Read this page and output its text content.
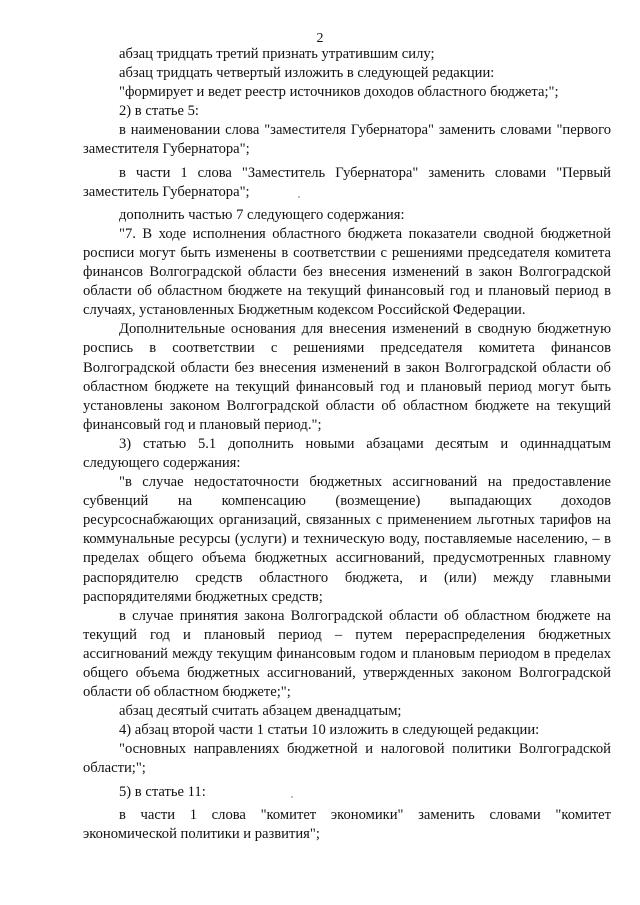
2

абзац тридцать третий признать утратившим силу;

абзац тридцать четвертый изложить в следующей редакции:

"формирует и ведет реестр источников доходов областного бюджета;";

2) в статье 5:

в наименовании слова "заместителя Губернатора" заменить словами "первого заместителя Губернатора";

в части 1 слова "Заместитель Губернатора" заменить словами "Первый заместитель Губернатора";

дополнить частью 7 следующего содержания:

"7. В ходе исполнения областного бюджета показатели сводной бюджетной росписи могут быть изменены в соответствии с решениями председателя комитета финансов Волгоградской области без внесения изменений в закон Волгоградской области об областном бюджете на текущий финансовый год и плановый период в случаях, установленных Бюджетным кодексом Российской Федерации.

Дополнительные основания для внесения изменений в сводную бюджетную роспись в соответствии с решениями председателя комитета финансов Волгоградской области без внесения изменений в закон Волгоградской области об областном бюджете на текущий финансовый год и плановый период могут быть установлены законом Волгоградской области об областном бюджете на текущий финансовый год и плановый период.";

3) статью 5.1 дополнить новыми абзацами десятым и одиннадцатым следующего содержания:

"в случае недостаточности бюджетных ассигнований на предоставление субвенций на компенсацию (возмещение) выпадающих доходов ресурсоснабжающих организаций, связанных с применением льготных тарифов на коммунальные ресурсы (услуги) и техническую воду, поставляемые населению, – в пределах общего объема бюджетных ассигнований, предусмотренных главному распорядителю средств областного бюджета, и (или) между главными распорядителями бюджетных средств;

в случае принятия закона Волгоградской области об областном бюджете на текущий год и плановый период – путем перераспределения бюджетных ассигнований между текущим финансовым годом и плановым периодом в пределах общего объема бюджетных ассигнований, утвержденных законом Волгоградской области об областном бюджете;";

абзац десятый считать абзацем двенадцатым;

4) абзац второй части 1 статьи 10 изложить в следующей редакции:

"основных направлениях бюджетной и налоговой политики Волгоградской области;";

5) в статье 11:

в части 1 слова "комитет экономики" заменить словами "комитет экономической политики и развития";
